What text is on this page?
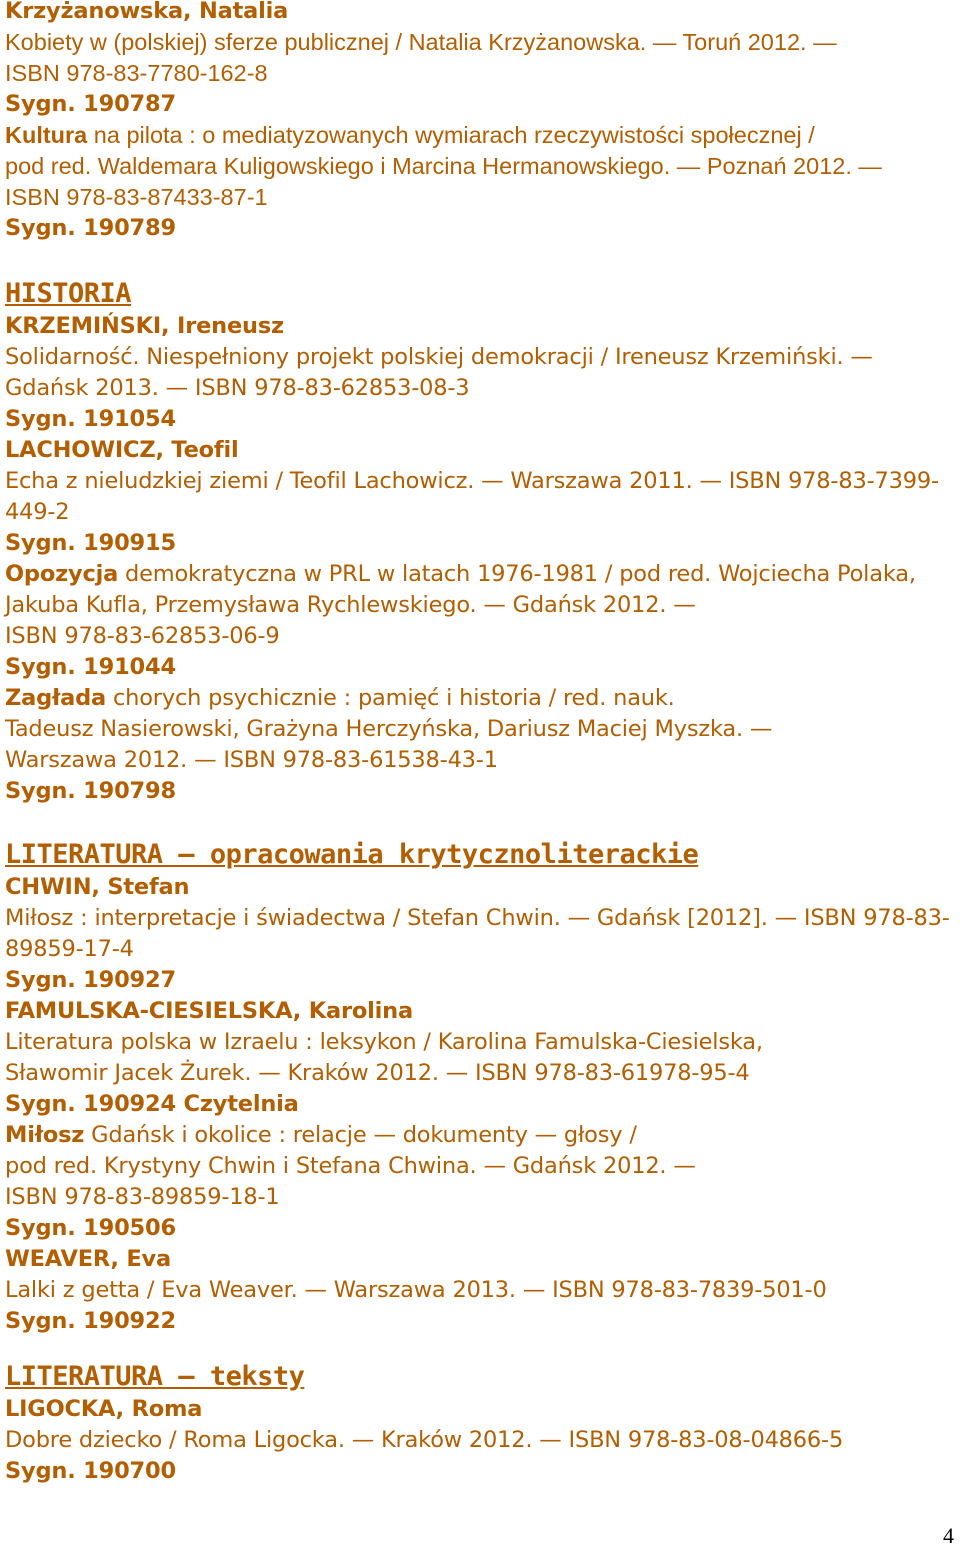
Krzyżanowska, Natalia
Kobiety w (polskiej) sferze publicznej / Natalia Krzyżanowska. — Toruń 2012. —
ISBN 978-83-7780-162-8
Sygn. 190787
Kultura na pilota : o mediatyzowanych wymiarach rzeczywistości społecznej /
pod red. Waldemara Kuligowskiego i Marcina Hermanowskiego. — Poznań 2012. —
ISBN 978-83-87433-87-1
Sygn. 190789
HISTORIA
KRZEMIŃSKI, Ireneusz
Solidarność. Niespełniony projekt polskiej demokracji / Ireneusz Krzemiński. —
Gdańsk 2013. — ISBN 978-83-62853-08-3
Sygn. 191054
LACHOWICZ, Teofil
Echa z nieludzkiej ziemi / Teofil Lachowicz. — Warszawa 2011. — ISBN 978-83-7399-
449-2
Sygn. 190915
Opozycja demokratyczna w PRL w latach 1976-1981 / pod red. Wojciecha Polaka,
Jakuba Kufla, Przemysława Rychlewskiego. — Gdańsk 2012. —
ISBN 978-83-62853-06-9
Sygn. 191044
Zagłada chorych psychicznie : pamięć i historia / red. nauk.
Tadeusz Nasierowski, Grażyna Herczyńska, Dariusz Maciej Myszka. —
Warszawa 2012. — ISBN 978-83-61538-43-1
Sygn. 190798
LITERATURA — opracowania krytycznoliterackie
CHWIN, Stefan
Miłosz : interpretacje i świadectwa / Stefan Chwin. — Gdańsk [2012]. — ISBN 978-83-
89859-17-4
Sygn. 190927
FAMULSKA-CIESIELSKA, Karolina
Literatura polska w Izraelu : leksykon / Karolina Famulska-Ciesielska,
Sławomir Jacek Żurek. — Kraków 2012. — ISBN 978-83-61978-95-4
Sygn. 190924 Czytelnia
Miłosz Gdańsk i okolice : relacje — dokumenty — głosy /
pod red. Krystyny Chwin i Stefana Chwina. — Gdańsk 2012. —
ISBN 978-83-89859-18-1
Sygn. 190506
WEAVER, Eva
Lalki z getta / Eva Weaver. — Warszawa 2013. — ISBN 978-83-7839-501-0
Sygn. 190922
LITERATURA — teksty
LIGOCKA, Roma
Dobre dziecko / Roma Ligocka. — Kraków 2012. — ISBN 978-83-08-04866-5
Sygn. 190700
4
